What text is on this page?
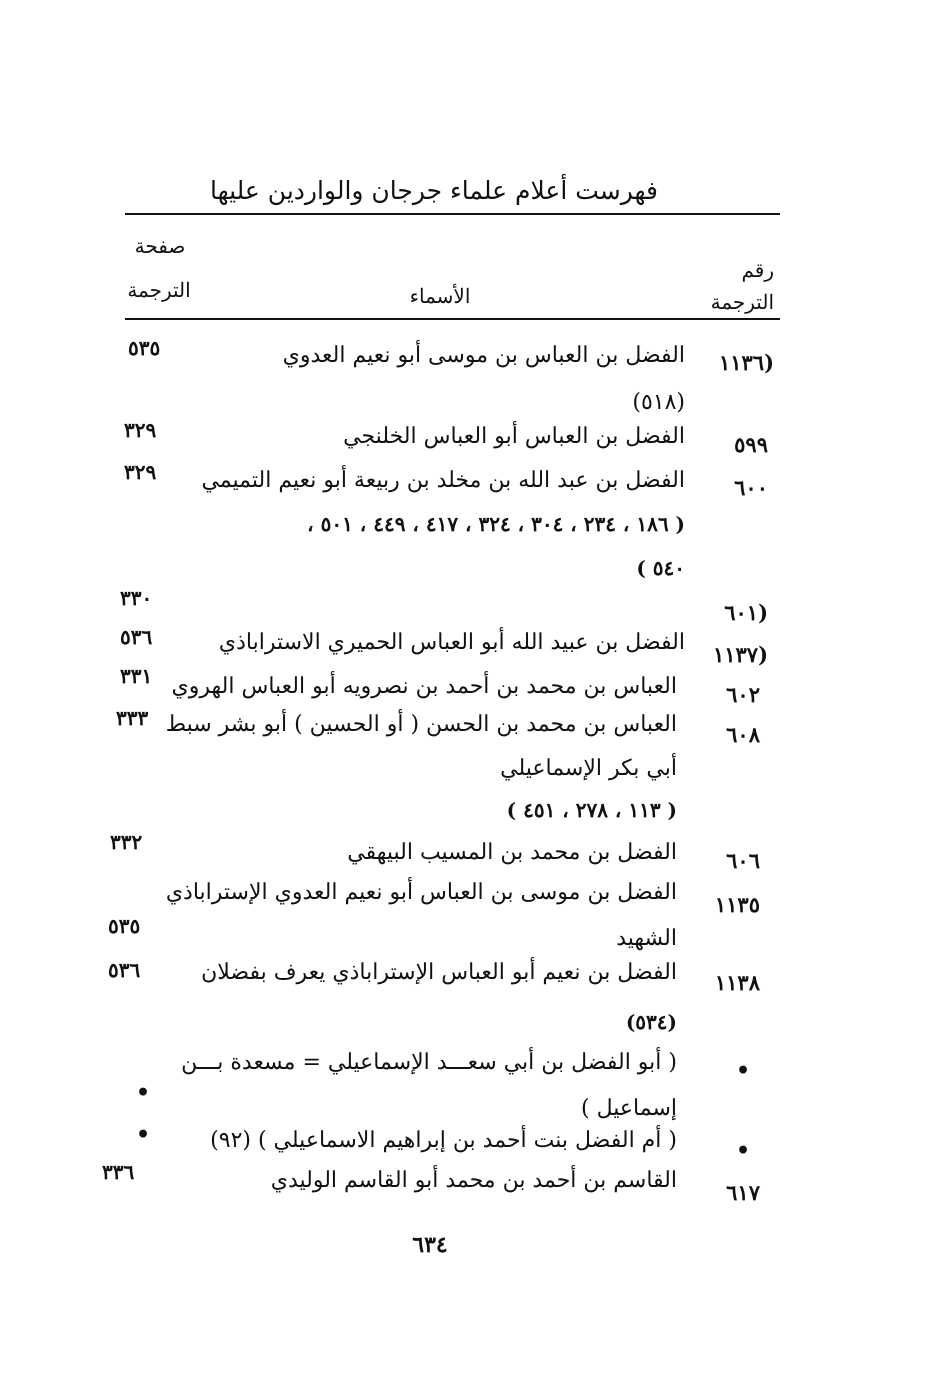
فهرست أعلام علماء جرجان والواردين عليها
صفحة
الترجمة	الأسماء
رقم
الترجمة
١١٣٦)
الفضل بن العباس بن موسى أبو نعيم العدوي
٥٣٥
(٥١٨)
٥٩٩
الفضل بن العباس أبو العباس الخلنجي
٣٢٩
٦٠٠
الفضل بن عبد الله بن مخلد بن ربيعة أبو نعيم التميمي
٣٢٩
( ١٨٦ ، ٢٣٤ ، ٣٠٤ ، ٣٢٤ ، ٤١٧ ، ٤٤٩ ، ٥٠١ ،
٥٤٠ )
٦٠١)
٣٣٠
١١٣٧)
الفضل بن عبيد الله أبو العباس الحميري الاستراباذي
٥٣٦
٦٠٢
العباس بن محمد بن أحمد بن نصرويه أبو العباس الهروي
٣٣١
٦٠٨
العباس بن محمد بن الحسن ( أو الحسين ) أبو بشر سبط
٣٣٣
أبي بكر الإسماعيلي
( ١١٣ ، ٢٧٨ ، ٤٥١ )
٦٠٦
الفضل بن محمد بن المسيب البيهقي
٣٣٢
١١٣٥
الفضل بن موسى بن العباس أبو نعيم العدوي الإستراباذي
الشهيد
٥٣٥
١١٣٨
الفضل بن نعيم أبو العباس الإستراباذي يعرف بفضلان
٥٣٦
(٥٣٤)
•
( أبو الفضل بن أبي سعـــد الإسماعيلي = مسعدة بـــن
إسماعيل )
•
•
( أم الفضل بنت أحمد بن إبراهيم الاسماعيلي ) (٩٢)
•
٦١٧
القاسم بن أحمد بن محمد أبو القاسم الوليدي
٣٣٦
٦٣٤
